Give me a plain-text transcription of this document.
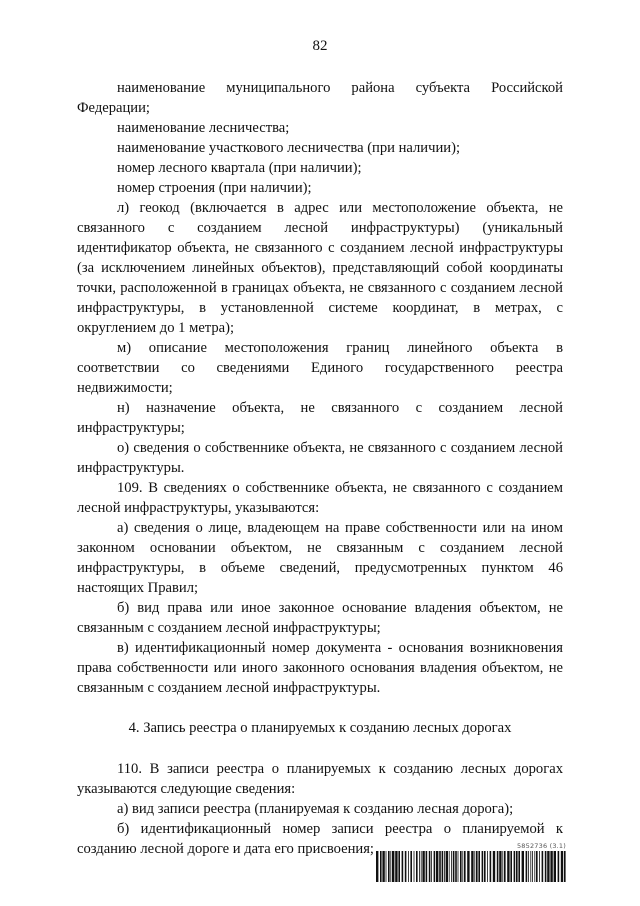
82

наименование муниципального района субъекта Российской Федерации;

наименование лесничества;

наименование участкового лесничества (при наличии);

номер лесного квартала (при наличии);

номер строения (при наличии);

л) геокод (включается в адрес или местоположение объекта, не связанного с созданием лесной инфраструктуры) (уникальный идентификатор объекта, не связанного с созданием лесной инфраструктуры (за исключением линейных объектов), представляющий собой координаты точки, расположенной в границах объекта, не связанного с созданием лесной инфраструктуры, в установленной системе координат, в метрах, с округлением до 1 метра);

м) описание местоположения границ линейного объекта в соответствии со сведениями Единого государственного реестра недвижимости;

н) назначение объекта, не связанного с созданием лесной инфраструктуры;

о) сведения о собственнике объекта, не связанного с созданием лесной инфраструктуры.

109. В сведениях о собственнике объекта, не связанного с созданием лесной инфраструктуры, указываются:

а) сведения о лице, владеющем на праве собственности или на ином законном основании объектом, не связанным с созданием лесной инфраструктуры, в объеме сведений, предусмотренных пунктом 46 настоящих Правил;

б) вид права или иное законное основание владения объектом, не связанным с созданием лесной инфраструктуры;

в) идентификационный номер документа - основания возникновения права собственности или иного законного основания владения объектом, не связанным с созданием лесной инфраструктуры.

4. Запись реестра о планируемых к созданию лесных дорогах

110. В записи реестра о планируемых к созданию лесных дорогах указываются следующие сведения:

а) вид записи реестра (планируемая к созданию лесная дорога);

б) идентификационный номер записи реестра о планируемой к созданию лесной дороге и дата его присвоения;	5852736 (3.1)
